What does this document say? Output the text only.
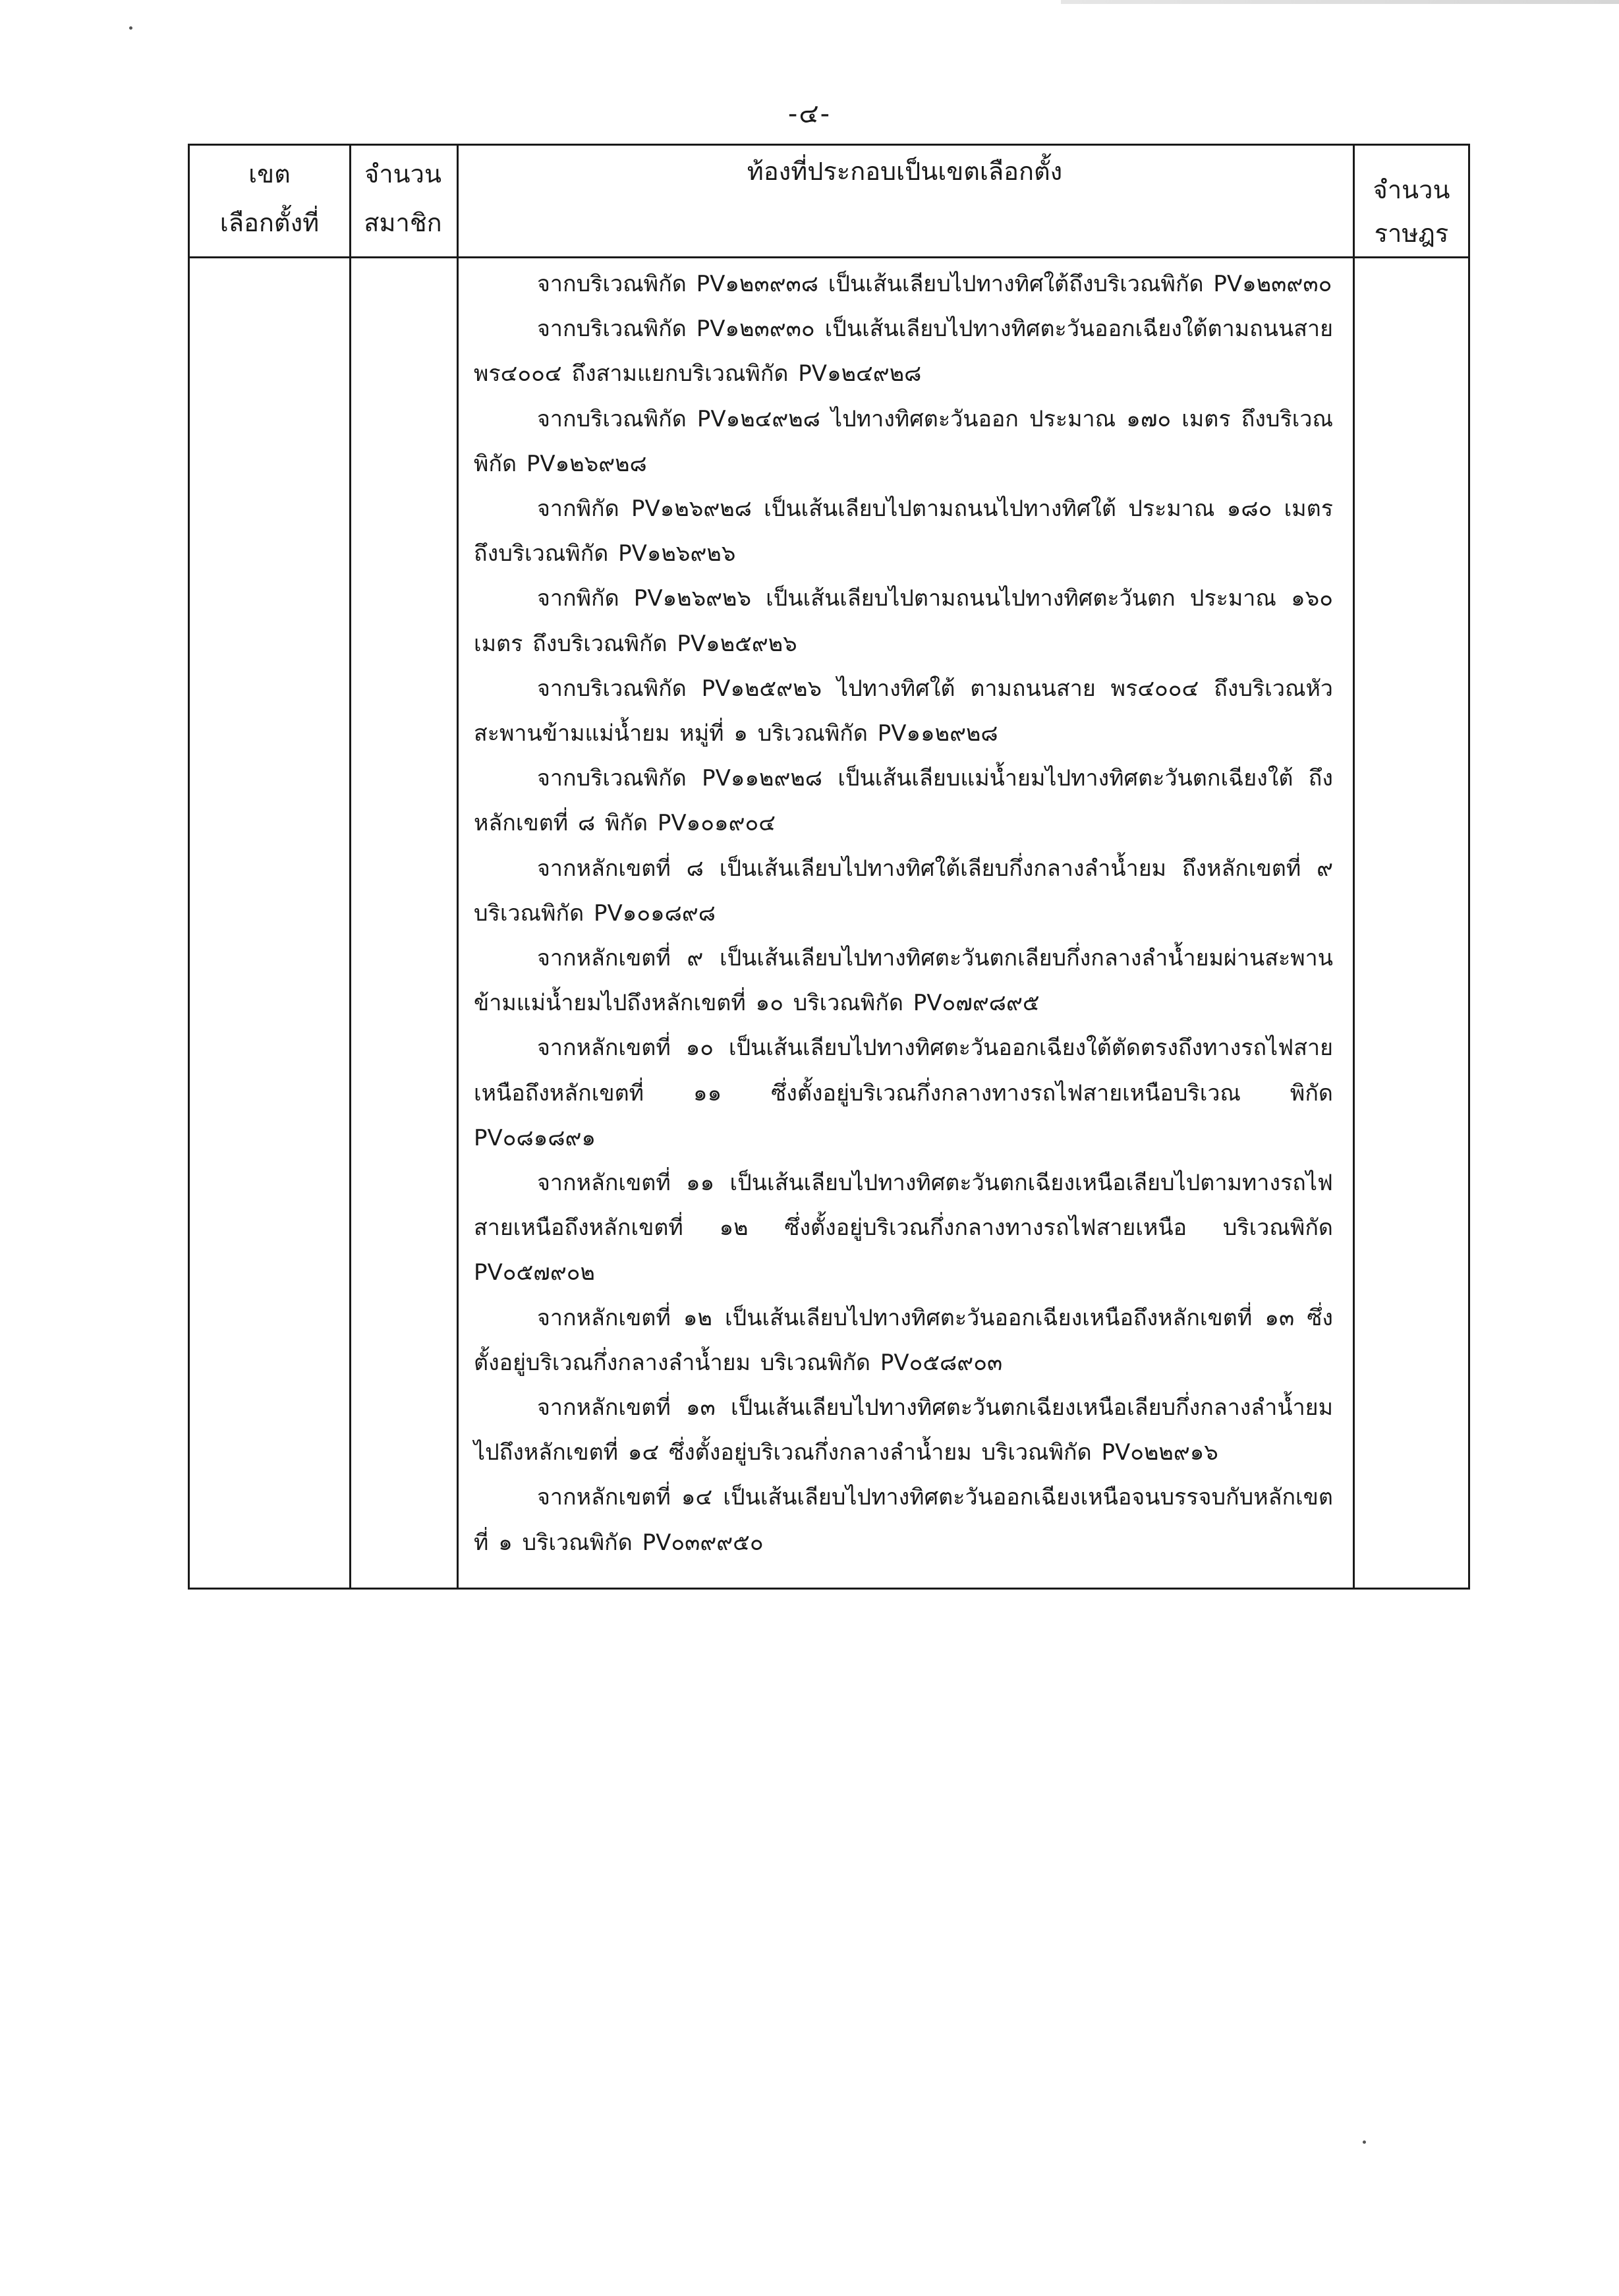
-๔-
เขต
เลือกตั้งที่
จำนวน
สมาชิก
ท้องที่ประกอบเป็นเขตเลือกตั้ง
จำนวน
ราษฎร

จากบริเวณพิกัด PV๑๒๓๙๓๘ เป็นเส้นเลียบไปทางทิศใต้ถึงบริเวณพิกัด PV๑๒๓๙๓๐

จากบริเวณพิกัด PV๑๒๓๙๓๐ เป็นเส้นเลียบไปทางทิศตะวันออกเฉียงใต้ตามถนนสาย พร๔๐๐๔ ถึงสามแยกบริเวณพิกัด PV๑๒๔๙๒๘

จากบริเวณพิกัด PV๑๒๔๙๒๘ ไปทางทิศตะวันออก ประมาณ ๑๗๐ เมตร ถึงบริเวณพิกัด PV๑๒๖๙๒๘

จากพิกัด PV๑๒๖๙๒๘ เป็นเส้นเลียบไปตามถนนไปทางทิศใต้ ประมาณ ๑๘๐ เมตร ถึงบริเวณพิกัด PV๑๒๖๙๒๖

จากพิกัด PV๑๒๖๙๒๖ เป็นเส้นเลียบไปตามถนนไปทางทิศตะวันตก ประมาณ ๑๖๐ เมตร ถึงบริเวณพิกัด PV๑๒๕๙๒๖

จากบริเวณพิกัด PV๑๒๕๙๒๖ ไปทางทิศใต้ ตามถนนสาย พร๔๐๐๔ ถึงบริเวณหัวสะพานข้ามแม่น้ำยม หมู่ที่ ๑ บริเวณพิกัด PV๑๑๒๙๒๘

จากบริเวณพิกัด PV๑๑๒๙๒๘ เป็นเส้นเลียบแม่น้ำยมไปทางทิศตะวันตกเฉียงใต้ ถึงหลักเขตที่ ๘ พิกัด PV๑๐๑๙๐๔

จากหลักเขตที่ ๘ เป็นเส้นเลียบไปทางทิศใต้เลียบกึ่งกลางลำน้ำยม ถึงหลักเขตที่ ๙ บริเวณพิกัด PV๑๐๑๘๙๘

จากหลักเขตที่ ๙ เป็นเส้นเลียบไปทางทิศตะวันตกเลียบกึ่งกลางลำน้ำยมผ่านสะพานข้ามแม่น้ำยมไปถึงหลักเขตที่ ๑๐ บริเวณพิกัด PV๐๗๙๘๙๕

จากหลักเขตที่ ๑๐ เป็นเส้นเลียบไปทางทิศตะวันออกเฉียงใต้ตัดตรงถึงทางรถไฟสายเหนือถึงหลักเขตที่ ๑๑ ซึ่งตั้งอยู่บริเวณกึ่งกลางทางรถไฟสายเหนือบริเวณ พิกัด PV๐๘๑๘๙๑

จากหลักเขตที่ ๑๑ เป็นเส้นเลียบไปทางทิศตะวันตกเฉียงเหนือเลียบไปตามทางรถไฟสายเหนือถึงหลักเขตที่ ๑๒ ซึ่งตั้งอยู่บริเวณกึ่งกลางทางรถไฟสายเหนือ บริเวณพิกัด PV๐๕๗๙๐๒

จากหลักเขตที่ ๑๒ เป็นเส้นเลียบไปทางทิศตะวันออกเฉียงเหนือถึงหลักเขตที่ ๑๓ ซึ่งตั้งอยู่บริเวณกึ่งกลางลำน้ำยม บริเวณพิกัด PV๐๕๘๙๐๓

จากหลักเขตที่ ๑๓ เป็นเส้นเลียบไปทางทิศตะวันตกเฉียงเหนือเลียบกึ่งกลางลำน้ำยมไปถึงหลักเขตที่ ๑๔ ซึ่งตั้งอยู่บริเวณกึ่งกลางลำน้ำยม บริเวณพิกัด PV๐๒๒๙๑๖

จากหลักเขตที่ ๑๔ เป็นเส้นเลียบไปทางทิศตะวันออกเฉียงเหนือจนบรรจบกับหลักเขตที่ ๑ บริเวณพิกัด PV๐๓๙๙๕๐
